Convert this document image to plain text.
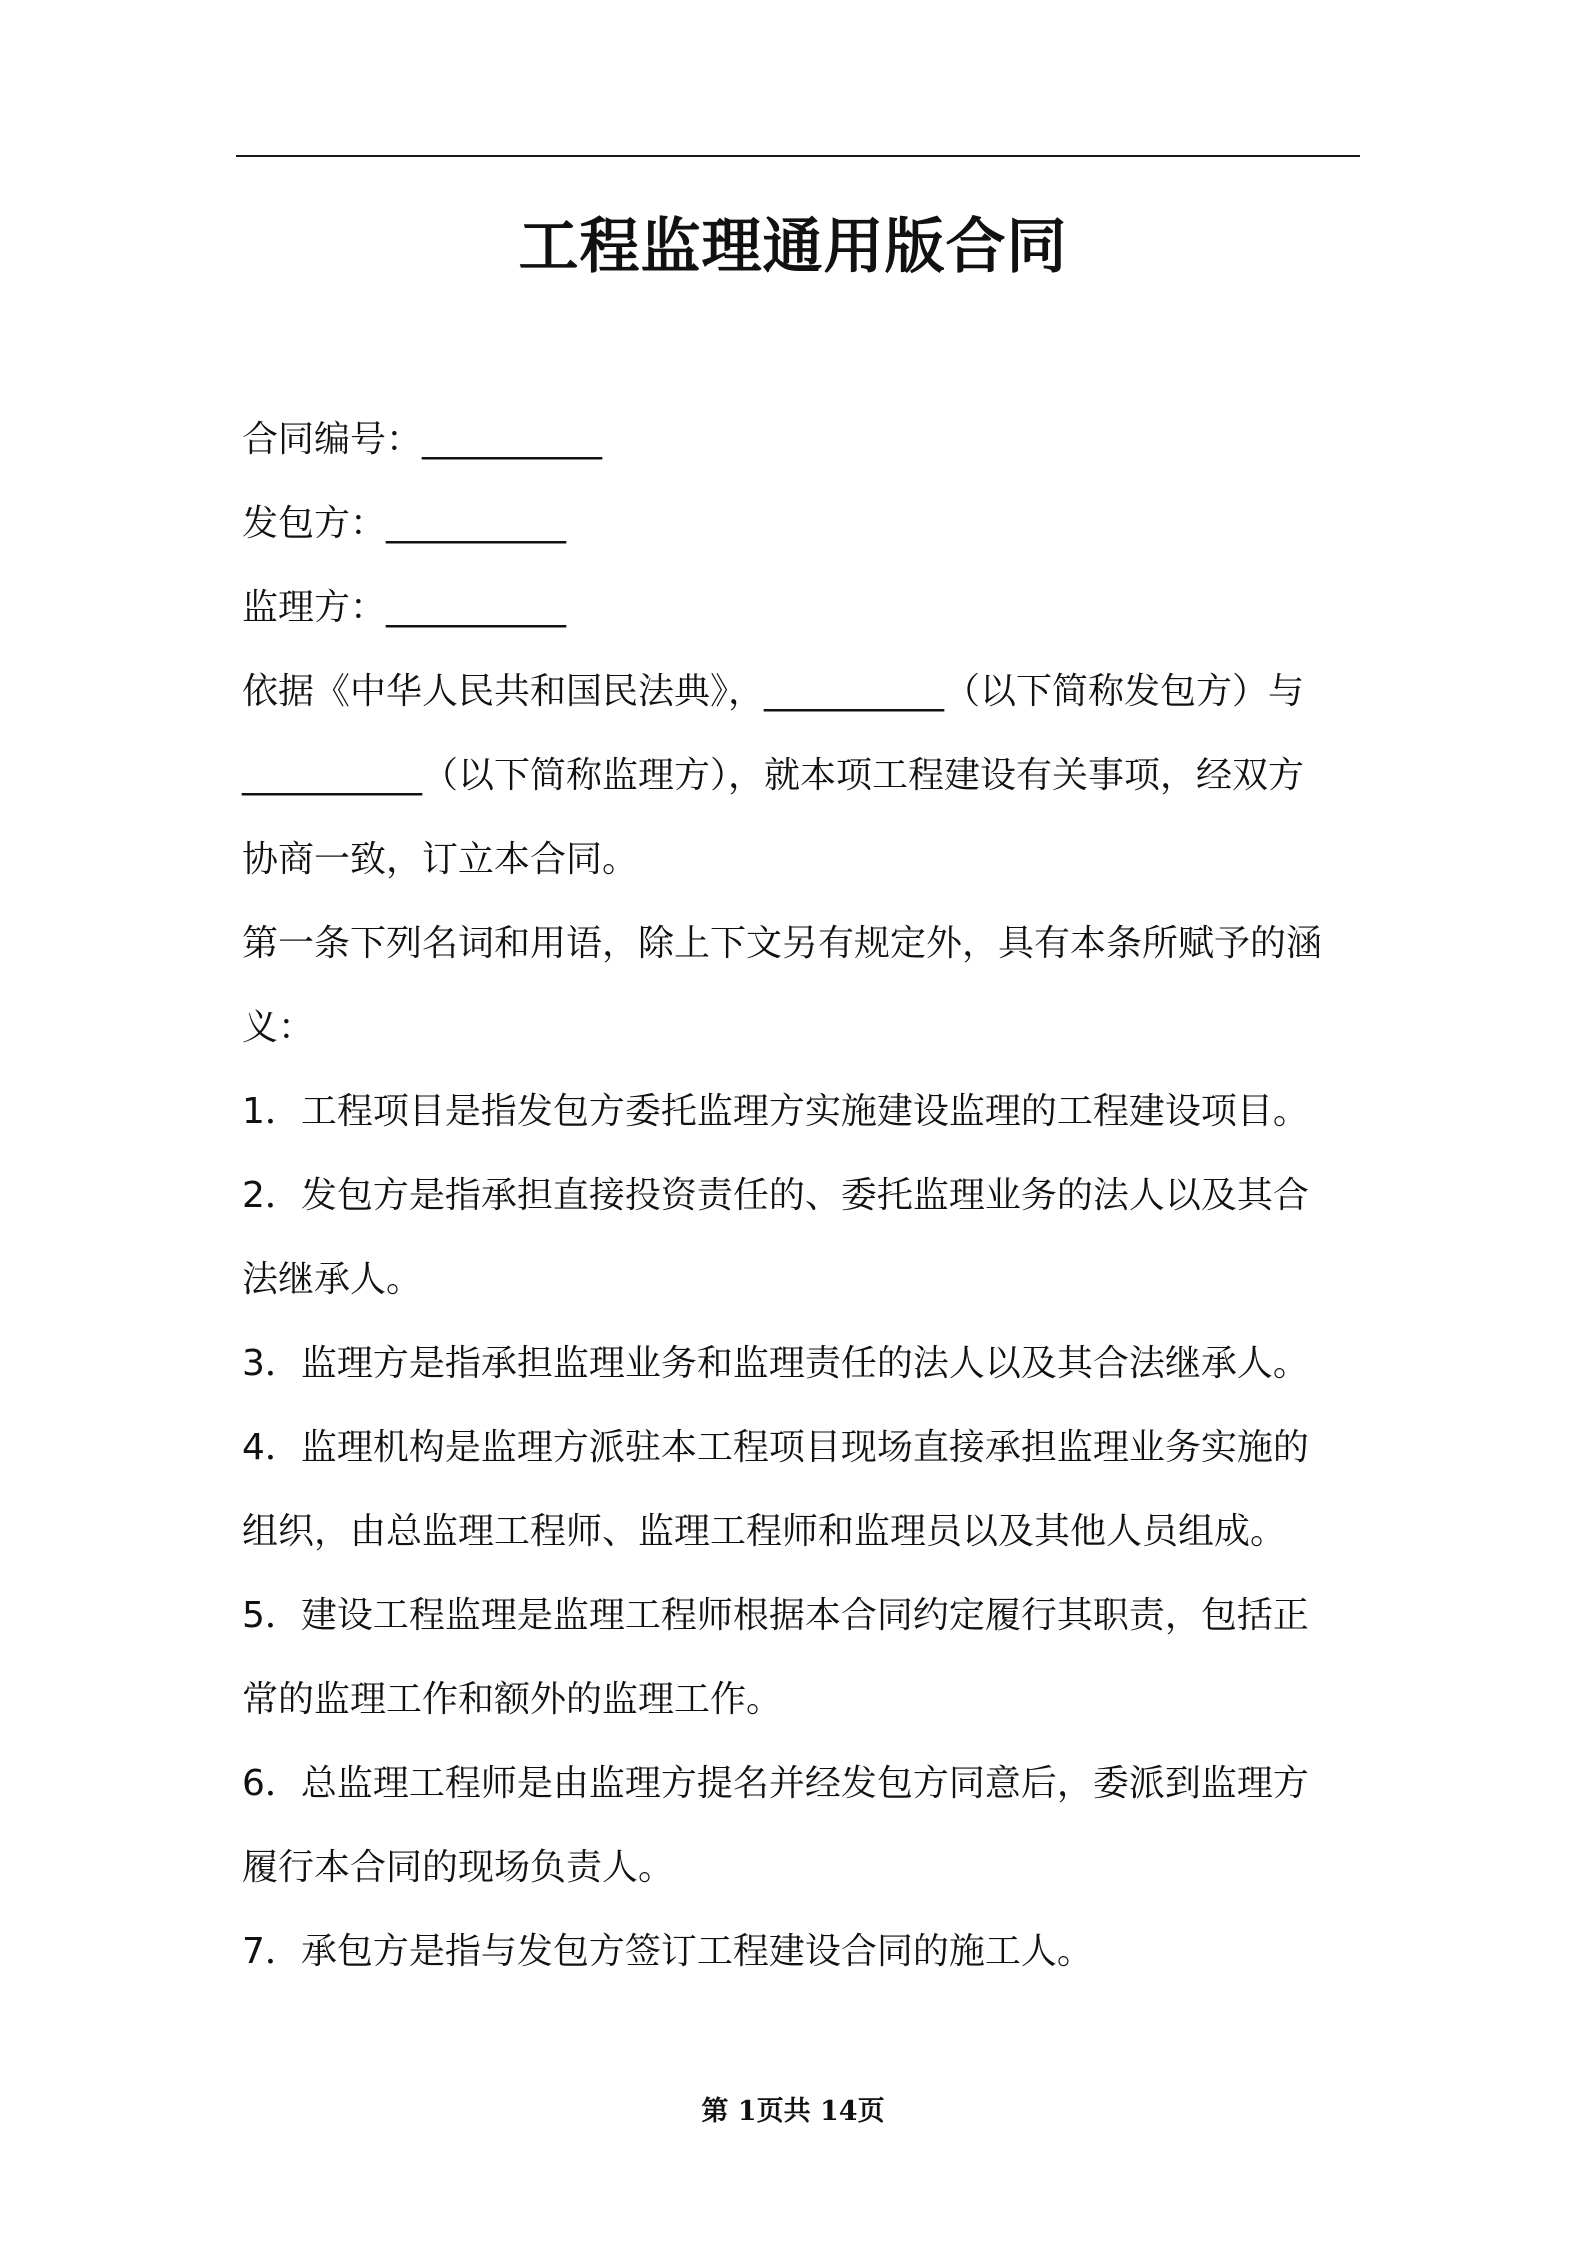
工程监理通用版合同

合同编号：__________

发包方：__________

监理方：__________

依据《中华人民共和国民法典》，__________（以下简称发包方）与

__________（以下简称监理方），就本项工程建设有关事项，经双方

协商一致，订立本合同。

第一条下列名词和用语，除上下文另有规定外，具有本条所赋予的涵

义：

1．工程项目是指发包方委托监理方实施建设监理的工程建设项目。

2．发包方是指承担直接投资责任的、委托监理业务的法人以及其合

法继承人。

3．监理方是指承担监理业务和监理责任的法人以及其合法继承人。

4．监理机构是监理方派驻本工程项目现场直接承担监理业务实施的

组织，由总监理工程师、监理工程师和监理员以及其他人员组成。

5．建设工程监理是监理工程师根据本合同约定履行其职责，包括正

常的监理工作和额外的监理工作。

6．总监理工程师是由监理方提名并经发包方同意后，委派到监理方

履行本合同的现场负责人。

7．承包方是指与发包方签订工程建设合同的施工人。

第 1页共 14页
